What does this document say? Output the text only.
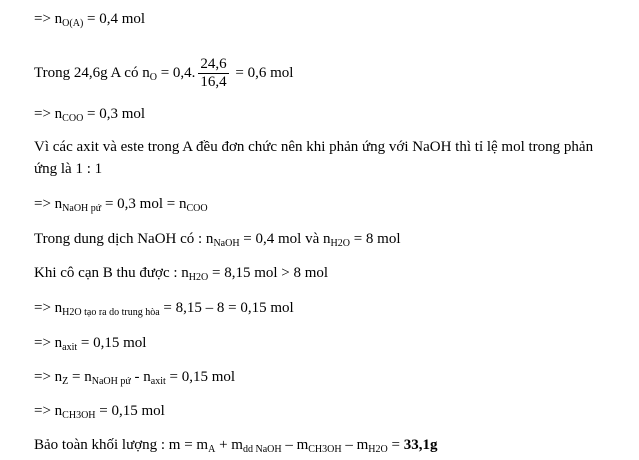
=> $n_{O(A)} = 0,4$ mol
Trong 24,6g A có $n_O = 0,4$. $\frac{24,6}{16,4} = 0,6$ mol
=> $n_{COO} = 0,3$ mol
Vì các axit và este trong A đều đơn chức nên khi phản ứng với NaOH thì tỉ lệ mol trong phản
ứng là 1 : 1
=> $n_{NaOH pứ} = 0,3$ mol = $n_{COO}$
Trong dung dịch NaOH có : $n_{NaOH} = 0,4$ mol và $n_{H2O} = 8$ mol
Khi cô cạn B thu được : $n_{H2O} = 8,15$ mol > 8 mol
=> $n_{H2O tạo ra do trung hòa} = 8,15 - 8 = 0,15$ mol
=> $n_{axit} = 0,15$ mol
=> $n_Z = n_{NaOH pứ} - n_{axit} = 0,15$ mol
=> $n_{CH3OH} = 0,15$ mol
Bảo toàn khối lượng : $m = m_A + m_{dd NaOH} - m_{CH3OH} - m_{H2O} = 33,1g$
